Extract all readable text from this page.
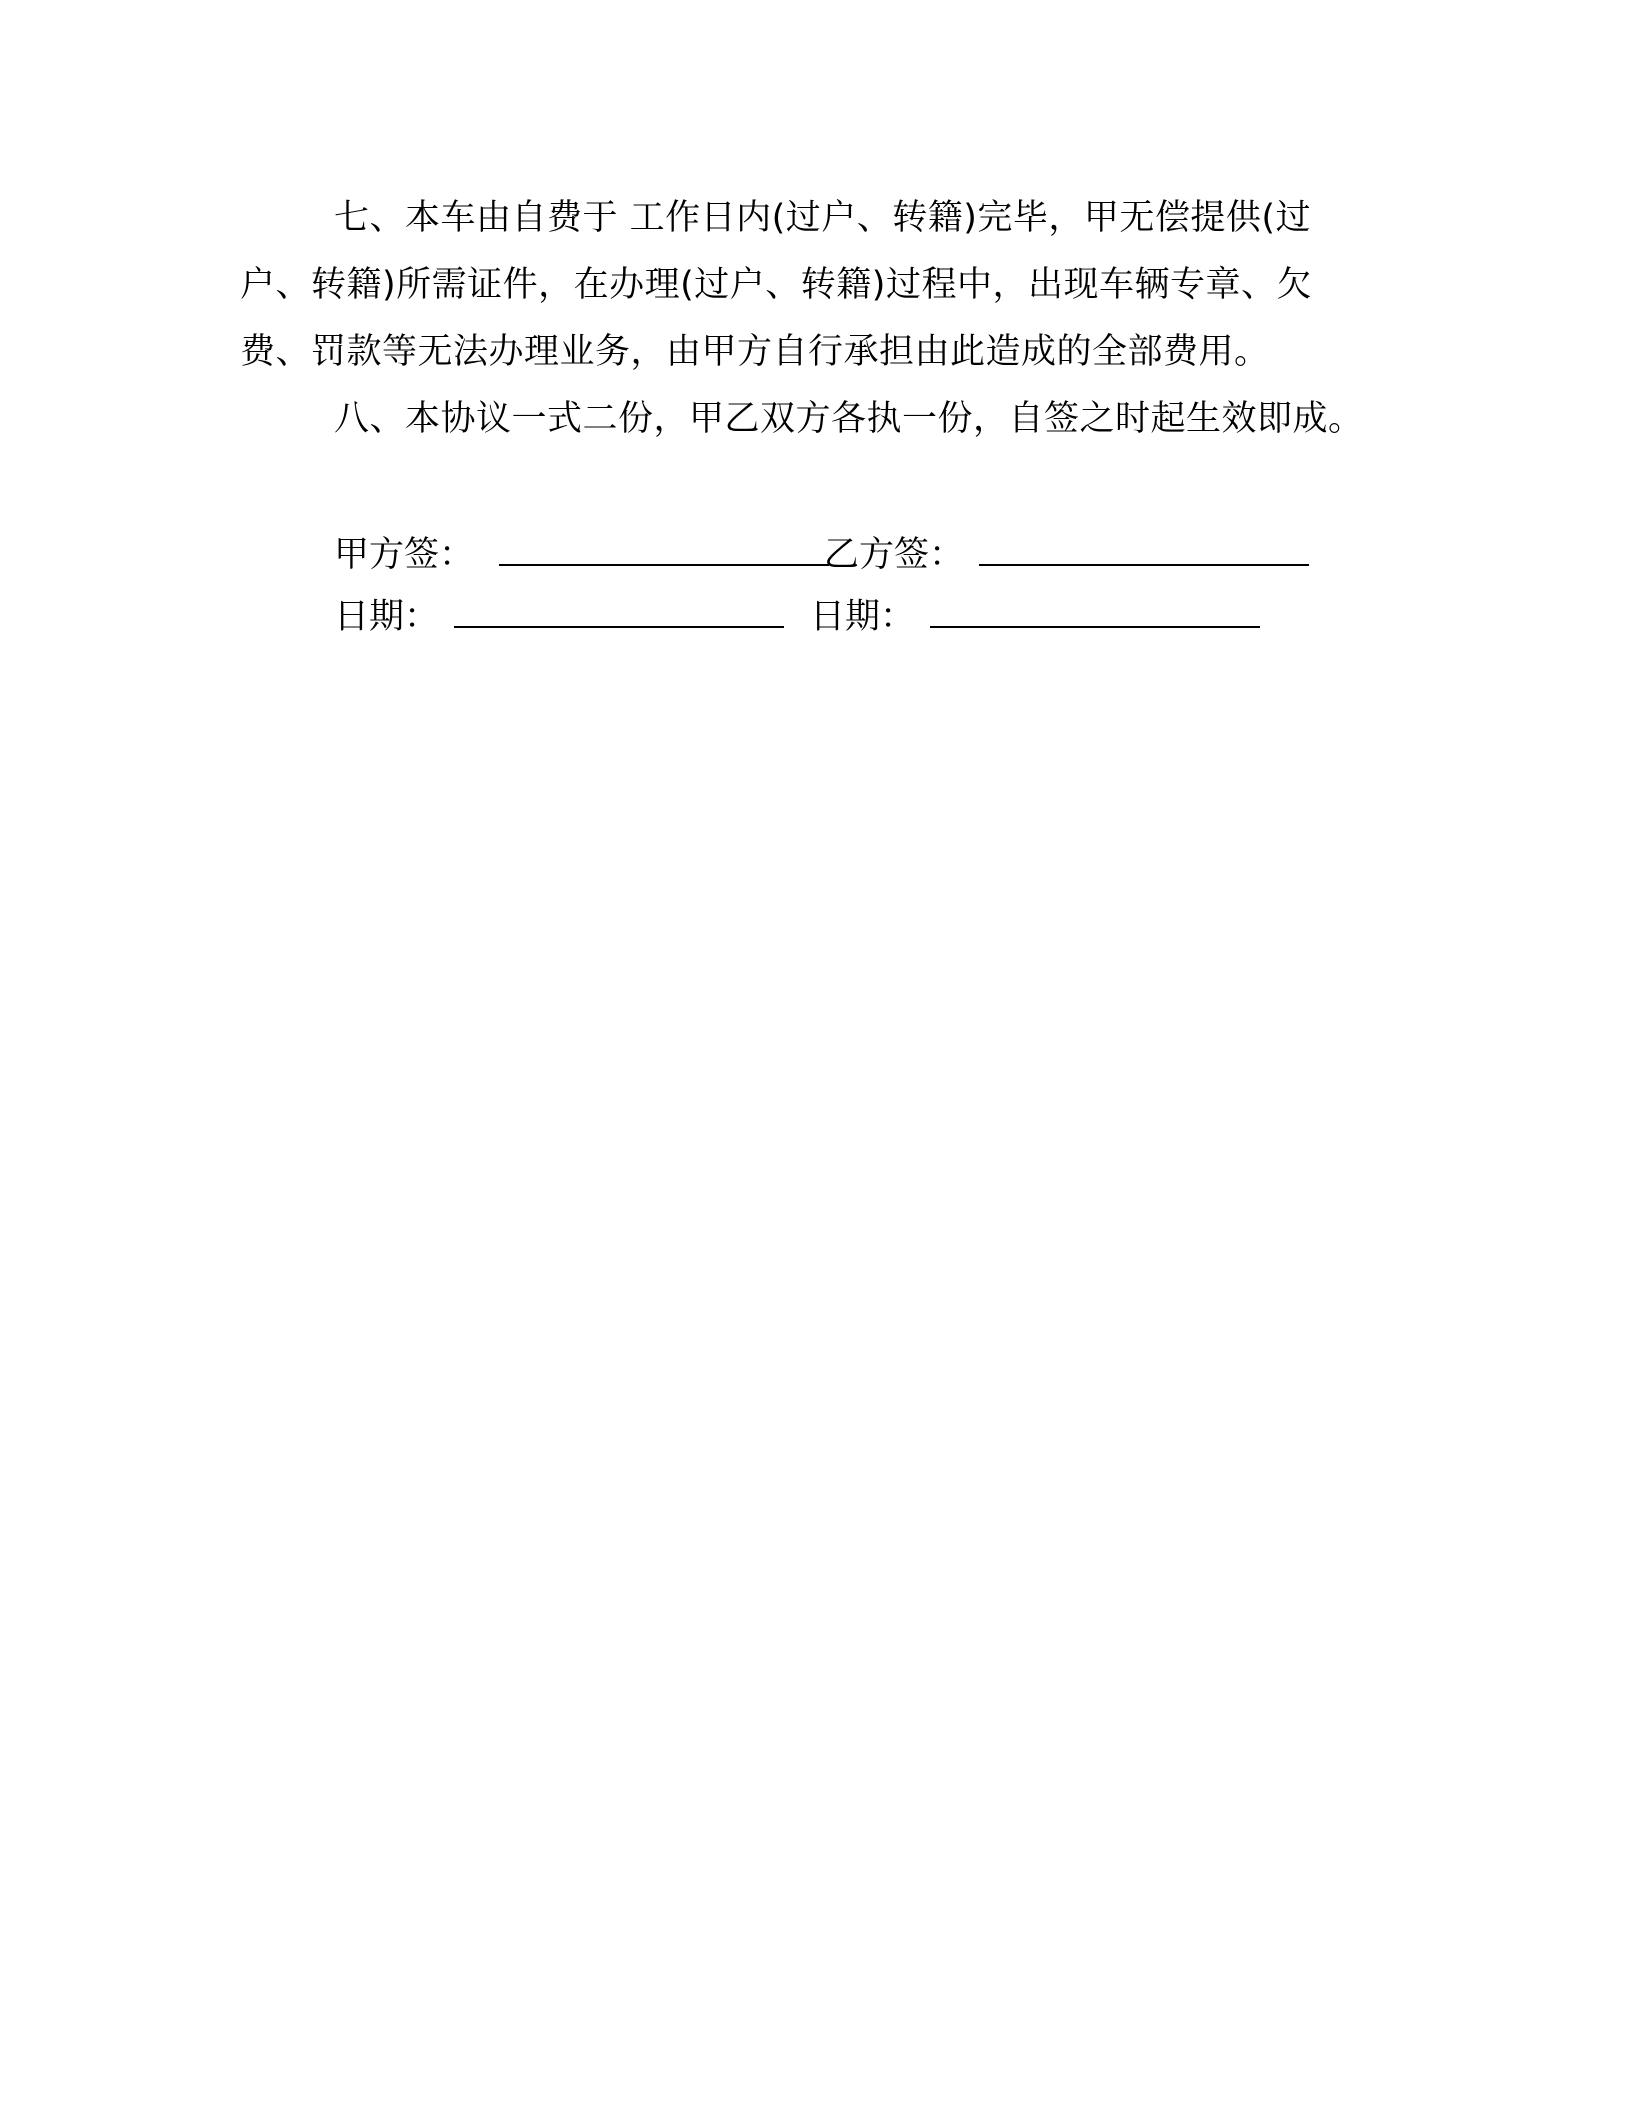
七、本车由自费于 工作日内(过户、转籍)完毕，甲无偿提供(过
户、转籍)所需证件，在办理(过户、转籍)过程中，出现车辆专章、欠
费、罚款等无法办理业务，由甲方自行承担由此造成的全部费用。
八、本协议一式二份，甲乙双方各执一份，自签之时起生效即成。
甲方签：	乙方签：
日期：	日期：
